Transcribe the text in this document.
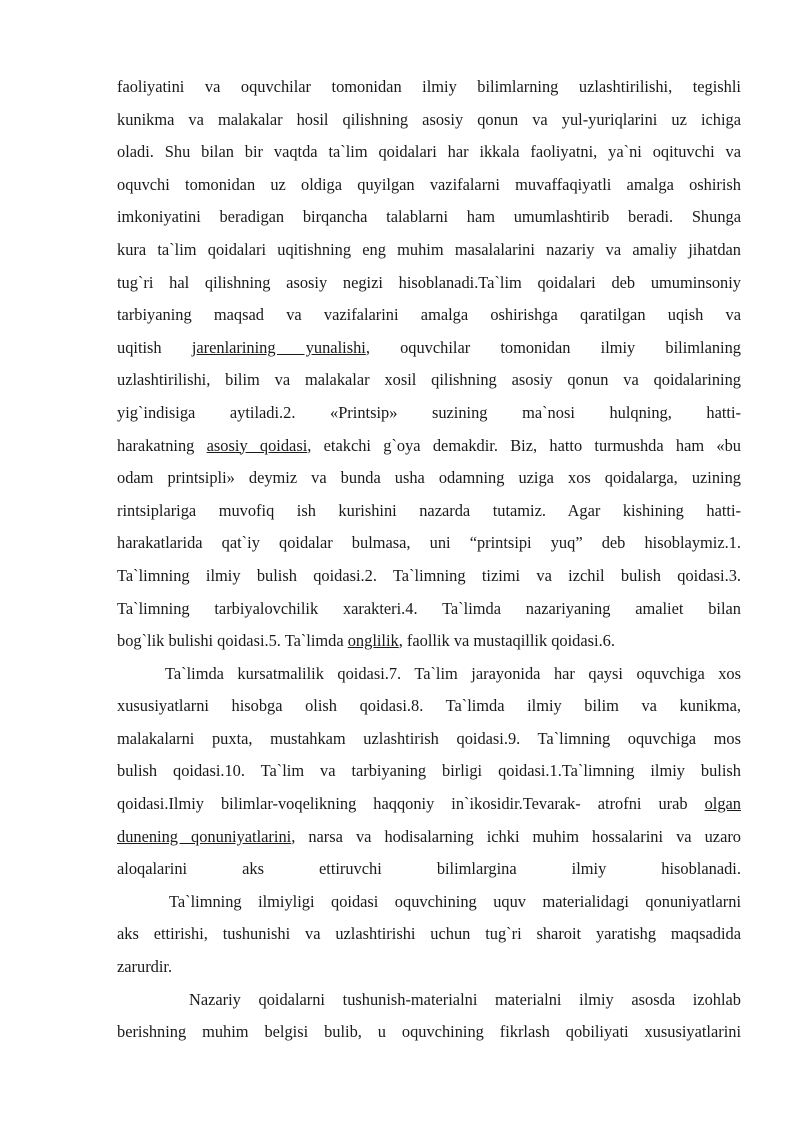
faoliyatini va oquvchilar tomonidan ilmiy bilimlarning uzlashtirilishi, tegishli
kunikma va malakalar hosil qilishning asosiy qonun va yul-yuriqlarini uz ichiga
oladi. Shu bilan bir vaqtda ta`lim qoidalari har ikkala faoliyatni, ya`ni oqituvchi va
oquvchi tomonidan uz oldiga quyilgan vazifalarni muvaffaqiyatli amalga oshirish
imkoniyatini beradigan birqancha talablarni ham umumlashtirib beradi. Shunga
kura ta`lim qoidalari uqitishning eng muhim masalalarini nazariy va amaliy jihatdan
tug`ri hal qilishning asosiy negizi hisoblanadi.Ta`lim qoidalari deb umuminsoniy
tarbiyaning maqsad va vazifalarini amalga oshirishga qaratilgan uqish va
uqitish jarenlarining yunalishi, oquvchilar tomonidan ilmiy bilimlaning
uzlashtirilishi, bilim va malakalar xosil qilishning asosiy qonun va qoidalarining
yig`indisiga aytiladi.2. «Printsip» suzining ma`nosi hulqning, hatti-
harakatning asosiy qoidasi, etakchi g`oya demakdir. Biz, hatto turmushda ham «bu
odam printsipli» deymiz va bunda usha odamning uziga xos qoidalarga, uzining
rintsiplariga muvofiq ish kurishini nazarda tutamiz. Agar kishining hatti-
harakatlarida qat`iy qoidalar bulmasa, uni “printsipi yuq” deb hisoblaymiz.1.
Ta`limning ilmiy bulish qoidasi.2. Ta`limning tizimi va izchil bulish qoidasi.3.
Ta`limning tarbiyalovchilik xarakteri.4. Ta`limda nazariyaning amaliet bilan
bog`lik bulishi qoidasi.5. Ta`limda onglilik, faollik va mustaqillik qoidasi.6.
Ta`limda kursatmalilik qoidasi.7. Ta`lim jarayonida har qaysi oquvchiga xos
xususiyatlarni hisobga olish qoidasi.8. Ta`limda ilmiy bilim va kunikma,
malakalarni puxta, mustahkam uzlashtirish qoidasi.9. Ta`limning oquvchiga mos
bulish qoidasi.10. Ta`lim va tarbiyaning birligi qoidasi.1.Ta`limning ilmiy bulish
qoidasi.Ilmiy bilimlar-voqelikning haqqoniy in`ikosidir.Tevarak- atrofni urab olgan
dunening qonuniyatlarini, narsa va hodisalarning ichki muhim hossalarini va uzaro
aloqalarini	aks	ettiruvchi	bilimlargina	ilmiy	hisoblanadi.
Ta`limning ilmiyligi qoidasi oquvchining uquv materialidagi qonuniyatlarni
aks ettirishi, tushunishi va uzlashtirishi uchun tug`ri sharoit yaratishg maqsadida
zarurdir.
Nazariy qoidalarni tushunish-materialni materialni ilmiy asosda izohlab
berishning muhim belgisi bulib, u oquvchining fikrlash qobiliyati xususiyatlarini
